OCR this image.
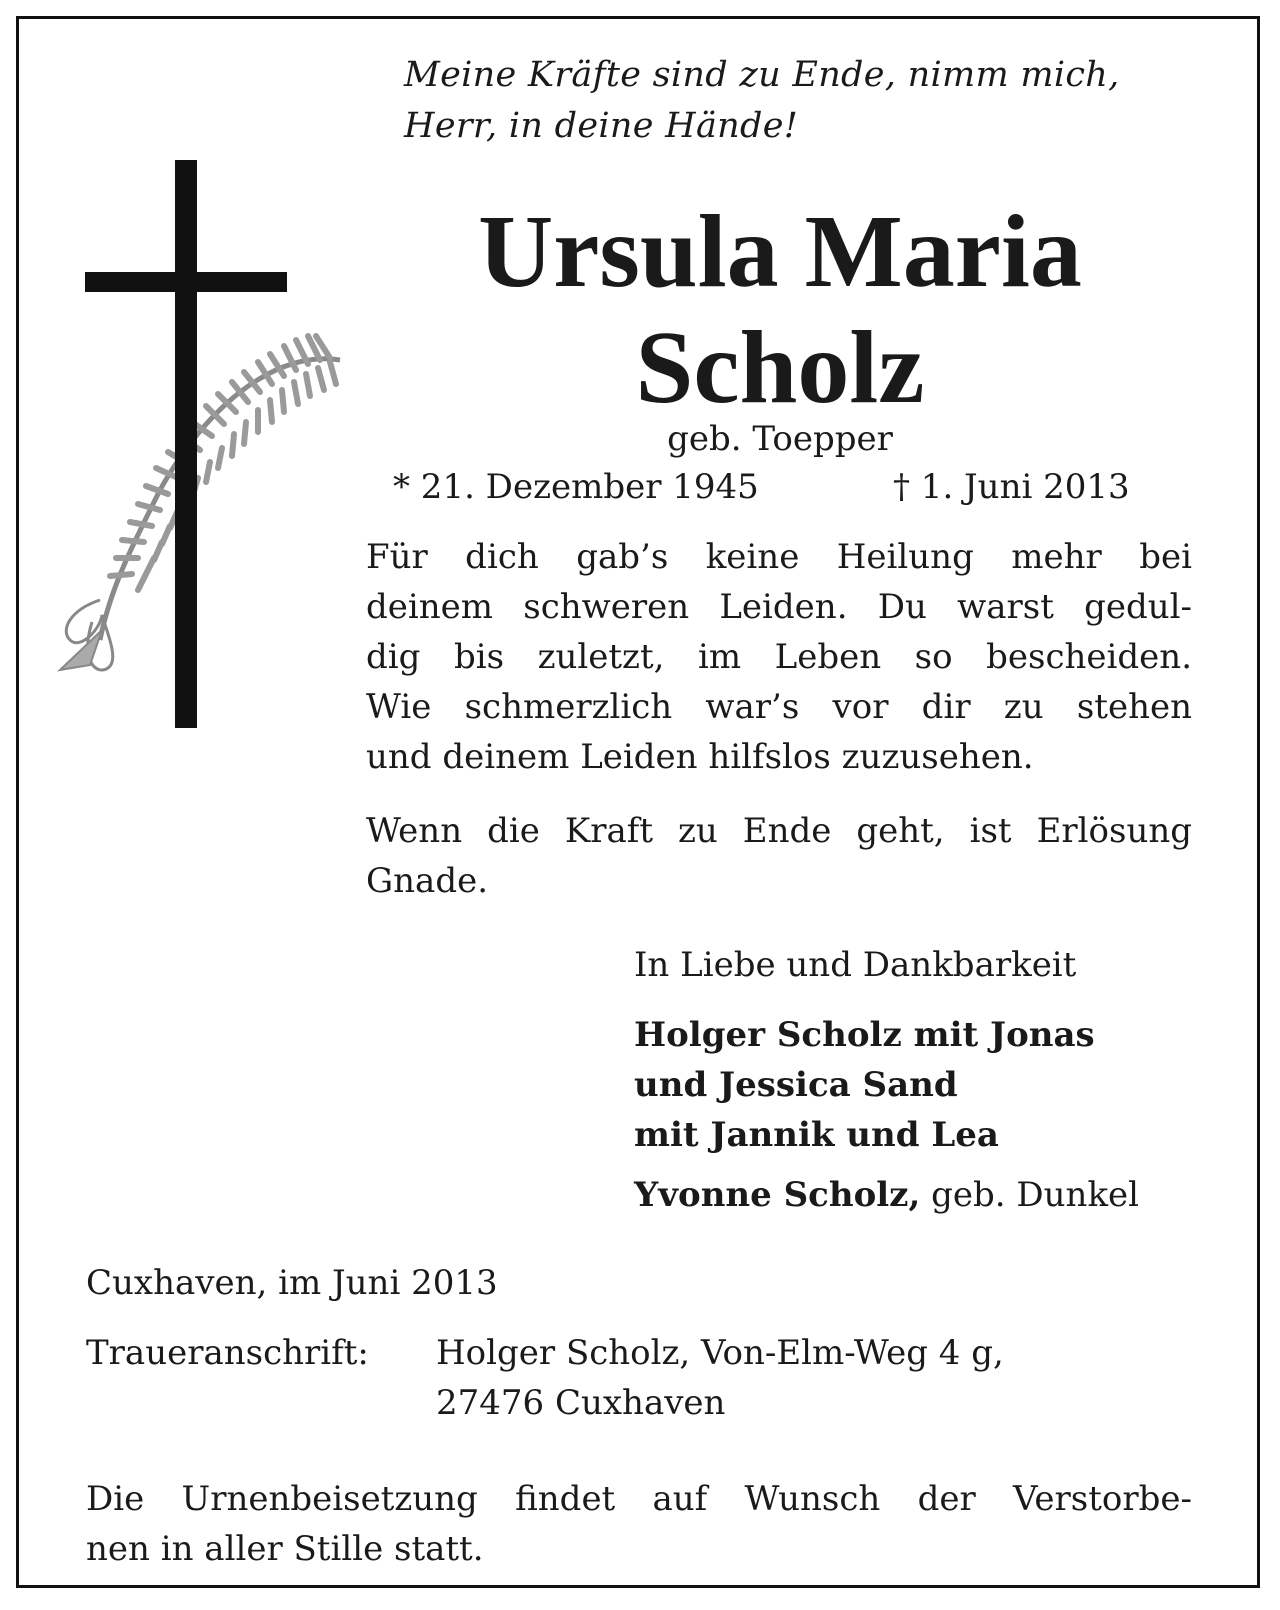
Meine Kräfte sind zu Ende, nimm mich,
Herr, in deine Hände!
Ursula Maria
Scholz
geb. Toepper
* 21. Dezember 1945	† 1. Juni 2013
Für dich gab’s keine Heilung mehr bei
deinem schweren Leiden. Du warst gedul-
dig bis zuletzt, im Leben so bescheiden.
Wie schmerzlich war’s vor dir zu stehen
und deinem Leiden hilfslos zuzusehen.
Wenn die Kraft zu Ende geht, ist Erlösung
Gnade.
In Liebe und Dankbarkeit
Holger Scholz mit Jonas
und Jessica Sand
mit Jannik und Lea
Yvonne Scholz, geb. Dunkel
Cuxhaven, im Juni 2013
Traueranschrift: Holger Scholz, Von-Elm-Weg 4 g,
27476 Cuxhaven
Die Urnenbeisetzung findet auf Wunsch der Verstorbe-
nen in aller Stille statt.
